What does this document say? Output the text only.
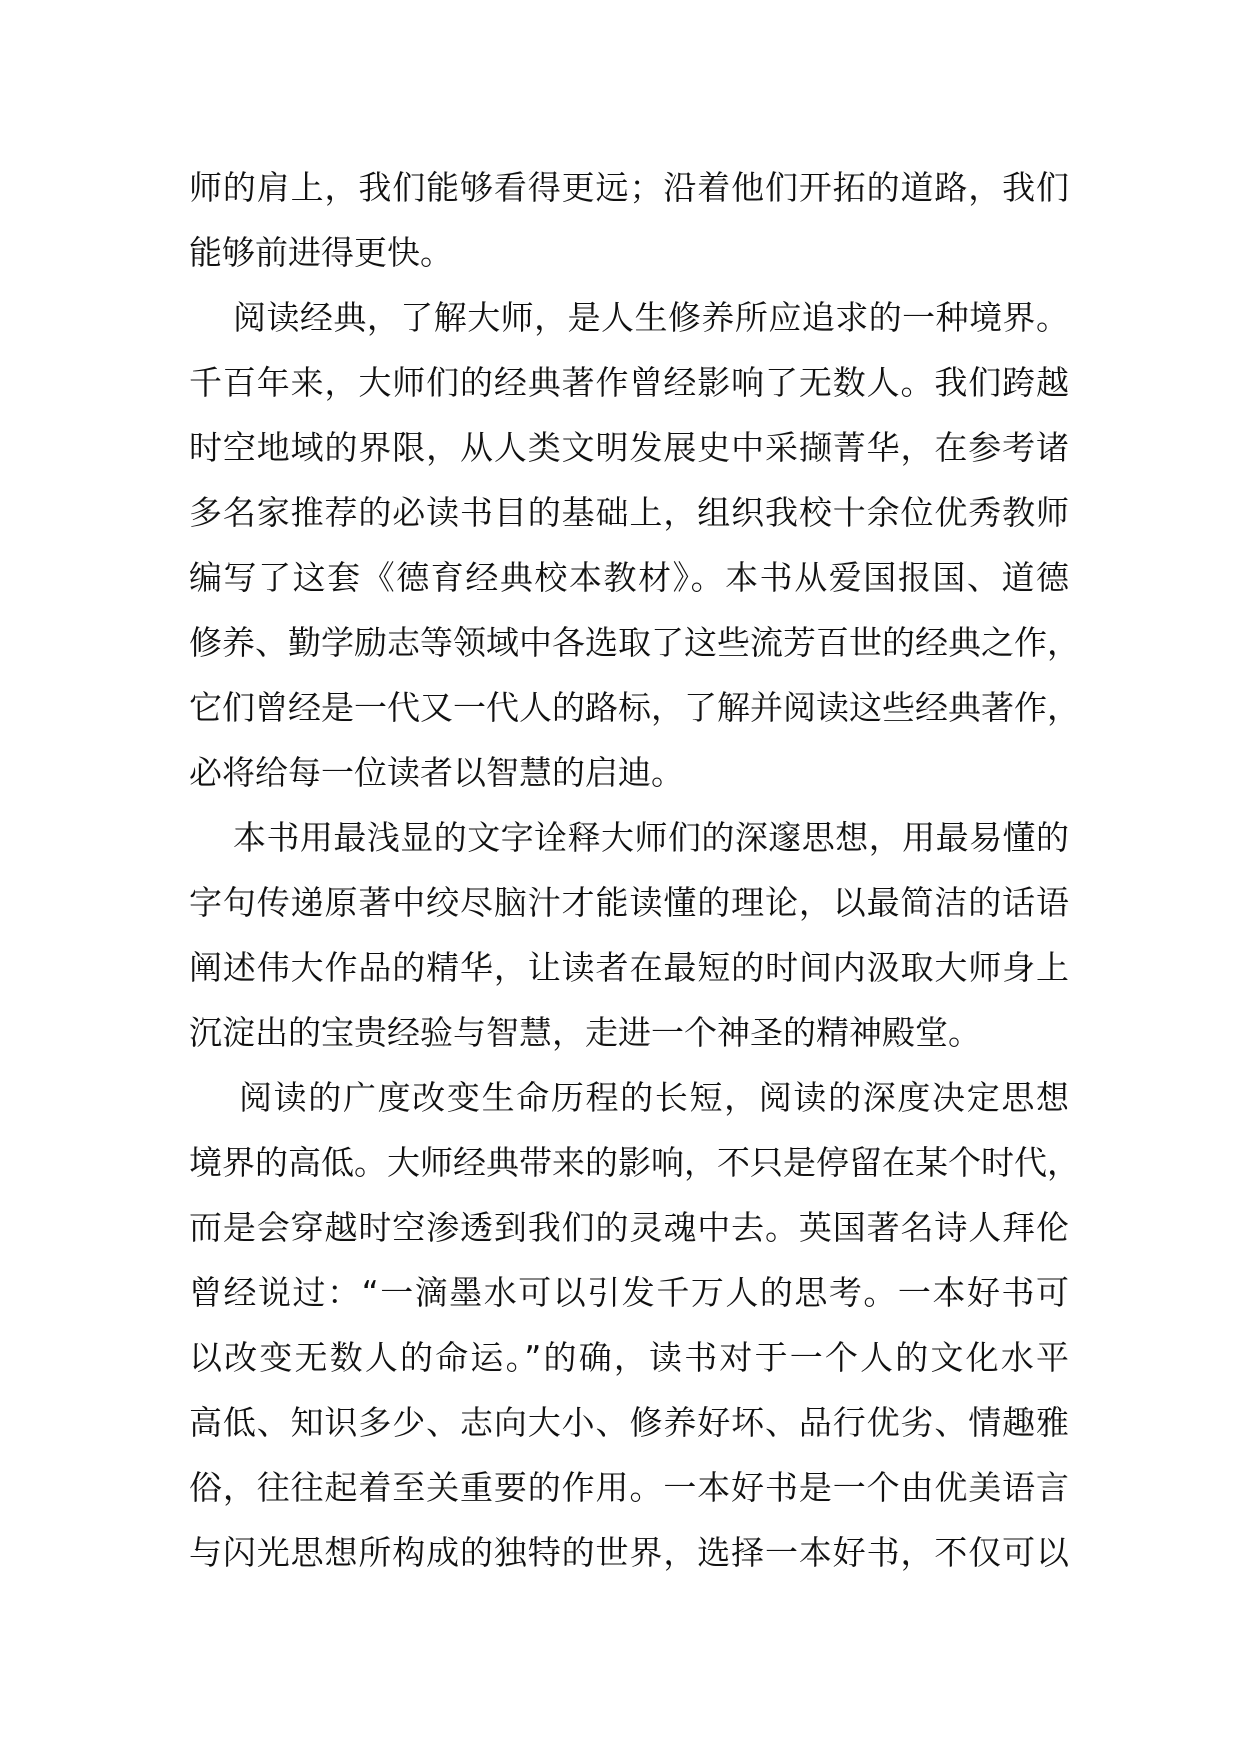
师的肩上，我们能够看得更远；沿着他们开拓的道路，我们
能够前进得更快。
阅读经典，了解大师，是人生修养所应追求的一种境界。
千百年来，大师们的经典著作曾经影响了无数人。我们跨越
时空地域的界限，从人类文明发展史中采撷菁华，在参考诸
多名家推荐的必读书目的基础上，组织我校十余位优秀教师
编写了这套《德育经典校本教材》。本书从爱国报国、道德
修养、勤学励志等领域中各选取了这些流芳百世的经典之作，
它们曾经是一代又一代人的路标，了解并阅读这些经典著作，
必将给每一位读者以智慧的启迪。
本书用最浅显的文字诠释大师们的深邃思想，用最易懂的
字句传递原著中绞尽脑汁才能读懂的理论，以最简洁的话语
阐述伟大作品的精华，让读者在最短的时间内汲取大师身上
沉淀出的宝贵经验与智慧，走进一个神圣的精神殿堂。
阅读的广度改变生命历程的长短，阅读的深度决定思想
境界的高低。大师经典带来的影响，不只是停留在某个时代，
而是会穿越时空渗透到我们的灵魂中去。英国著名诗人拜伦
曾经说过：“一滴墨水可以引发千万人的思考。一本好书可
以改变无数人的命运。”的确，读书对于一个人的文化水平
高低、知识多少、志向大小、修养好坏、品行优劣、情趣雅
俗，往往起着至关重要的作用。一本好书是一个由优美语言
与闪光思想所构成的独特的世界，选择一本好书，不仅可以
